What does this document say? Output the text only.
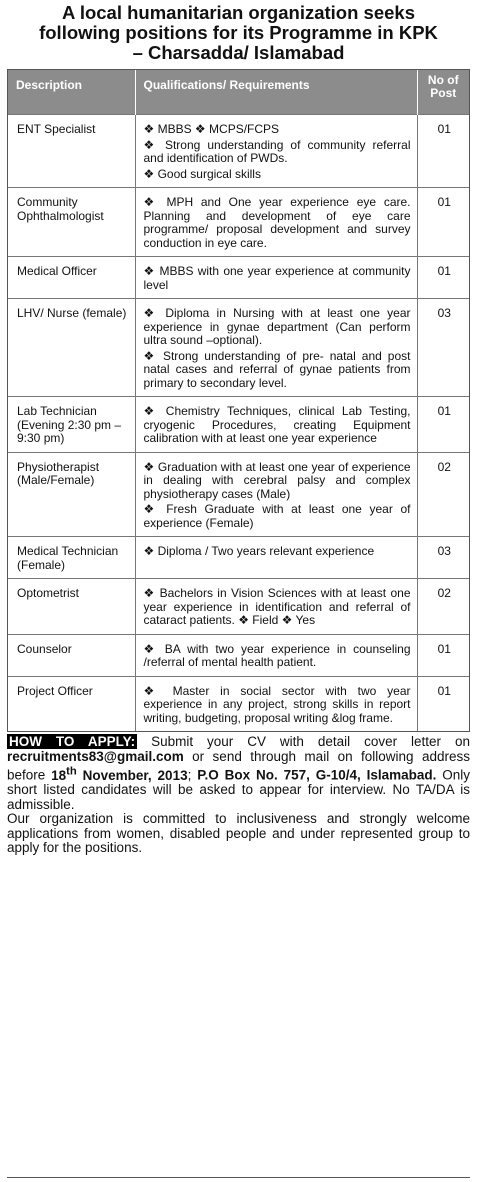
A local humanitarian organization seeks
following positions for its Programme in KPK
– Charsadda/ Islamabad
Description	Qualifications/ Requirements	No of
Post
ENT Specialist	❖ MBBS ❖ MCPS/FCPS
❖ Strong understanding of community referral and identification of PWDs.
❖ Good surgical skills	01
Community Ophthalmologist	❖ MPH and One year experience eye care. Planning and development of eye care programme/ proposal development and survey conduction in eye care.	01
Medical Officer	❖ MBBS with one year experience at community level	01
LHV/ Nurse (female)	❖ Diploma in Nursing with at least one year experience in gynae department (Can perform ultra sound –optional).
❖ Strong understanding of pre- natal and post natal cases and referral of gynae patients from primary to secondary level.	03
Lab Technician (Evening 2:30 pm –9:30 pm)	❖ Chemistry Techniques, clinical Lab Testing, cryogenic Procedures, creating Equipment calibration with at least one year experience	01
Physiotherapist (Male/Female)	❖ Graduation with at least one year of experience in dealing with cerebral palsy and complex physiotherapy cases (Male)
❖ Fresh Graduate with at least one year of experience (Female)	02
Medical Technician (Female)	❖ Diploma / Two years relevant experience	03
Optometrist	❖ Bachelors in Vision Sciences with at least one year experience in identification and referral of cataract patients. ❖ Field ❖ Yes	02
Counselor	❖ BA with two year experience in counseling /referral of mental health patient.	01
Project Officer	❖ Master in social sector with two year experience in any project, strong skills in report writing, budgeting, proposal writing &log frame.	01

HOW TO APPLY: Submit your CV with detail cover letter on recruitments83@gmail.com or send through mail on following address before 18th November, 2013; P.O Box No. 757, G-10/4, Islamabad. Only short listed candidates will be asked to appear for interview. No TA/DA is admissible.

Our organization is committed to inclusiveness and strongly welcome applications from women, disabled people and under represented group to apply for the positions.
